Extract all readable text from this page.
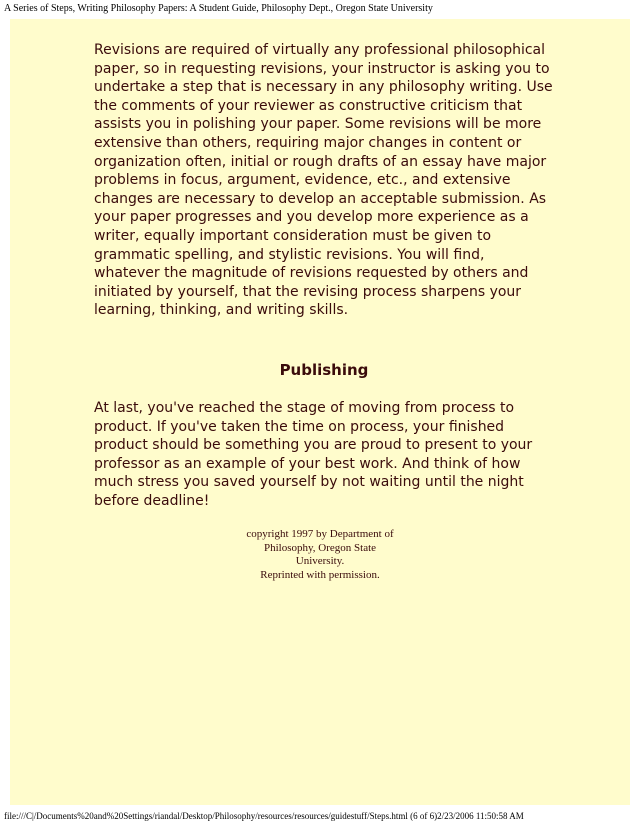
A Series of Steps, Writing Philosophy Papers: A Student Guide, Philosophy Dept., Oregon State University

Revisions are required of virtually any professional philosophical paper, so in requesting revisions, your instructor is asking you to undertake a step that is necessary in any philosophy writing. Use the comments of your reviewer as constructive criticism that assists you in polishing your paper. Some revisions will be more extensive than others, requiring major changes in content or organization often, initial or rough drafts of an essay have major problems in focus, argument, evidence, etc., and extensive changes are necessary to develop an acceptable submission. As your paper progresses and you develop more experience as a writer, equally important consideration must be given to grammatic spelling, and stylistic revisions. You will find, whatever the magnitude of revisions requested by others and initiated by yourself, that the revising process sharpens your learning, thinking, and writing skills.

Publishing

At last, you've reached the stage of moving from process to product. If you've taken the time on process, your finished product should be something you are proud to present to your professor as an example of your best work. And think of how much stress you saved yourself by not waiting until the night before deadline!

copyright 1997 by Department of
Philosophy, Oregon State
University.
Reprinted with permission.
file:///C|/Documents%20and%20Settings/riandal/Desktop/Philosophy/resources/resources/guidestuff/Steps.html (6 of 6)2/23/2006 11:50:58 AM
